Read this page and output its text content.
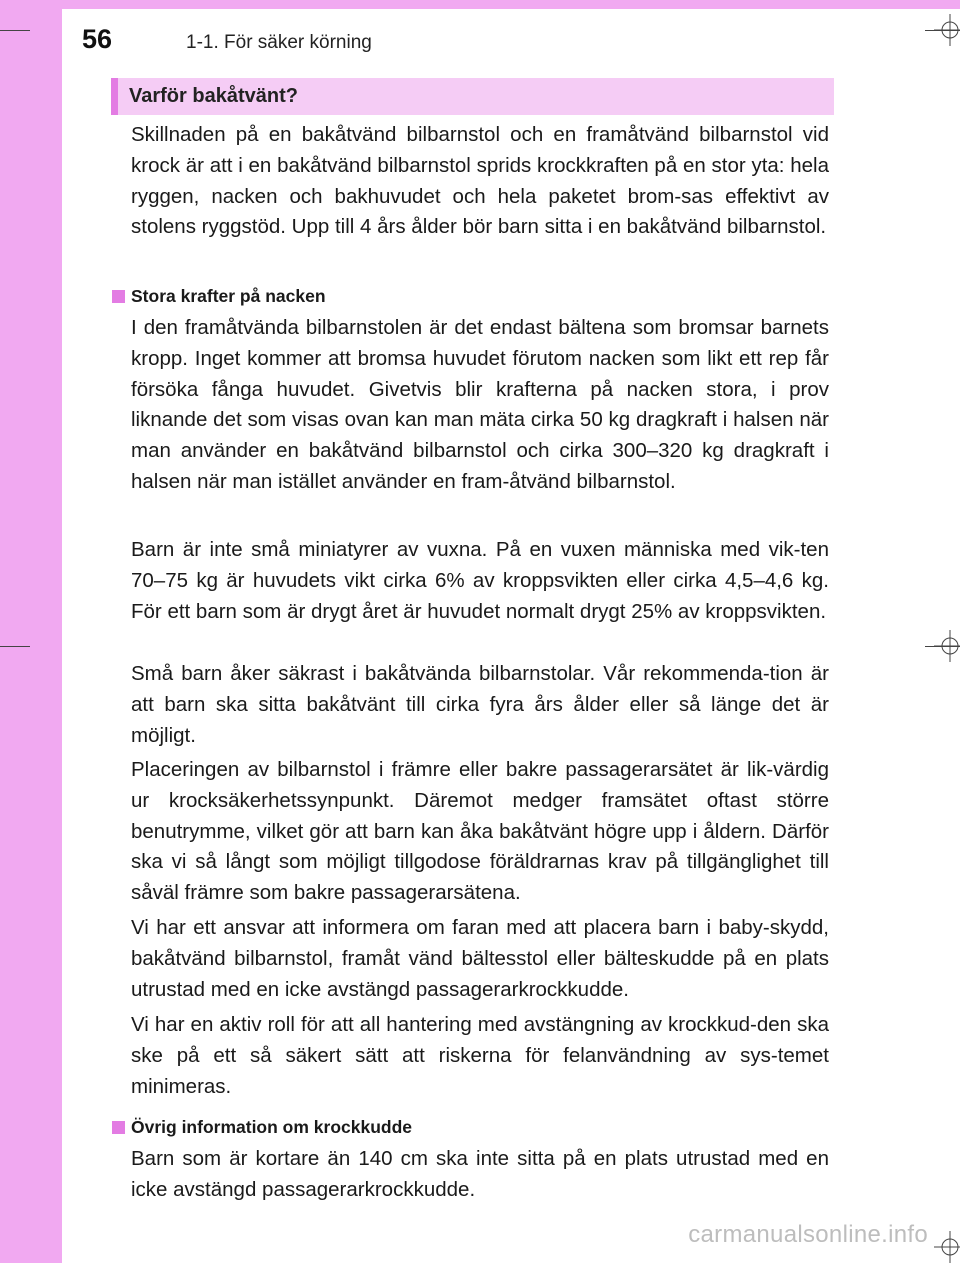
56	1-1. För säker körning
Varför bakåtvänt?

Skillnaden på en bakåtvänd bilbarnstol och en framåtvänd bilbarnstol vid krock är att i en bakåtvänd bilbarnstol sprids krockkraften på en stor yta: hela ryggen, nacken och bakhuvudet och hela paketet brom-sas effektivt av stolens ryggstöd. Upp till 4 års ålder bör barn sitta i en bakåtvänd bilbarnstol.

Stora krafter på nacken

I den framåtvända bilbarnstolen är det endast bältena som bromsar barnets kropp. Inget kommer att bromsa huvudet förutom nacken som likt ett rep får försöka fånga huvudet. Givetvis blir krafterna på nacken stora, i prov liknande det som visas ovan kan man mäta cirka 50 kg dragkraft i halsen när man använder en bakåtvänd bilbarnstol och cirka 300–320 kg dragkraft i halsen när man istället använder en fram-åtvänd bilbarnstol.

Barn är inte små miniatyrer av vuxna. På en vuxen människa med vik-ten 70–75 kg är huvudets vikt cirka 6% av kroppsvikten eller cirka 4,5–4,6 kg. För ett barn som är drygt året är huvudet normalt drygt 25% av kroppsvikten.

Små barn åker säkrast i bakåtvända bilbarnstolar. Vår rekommenda-tion är att barn ska sitta bakåtvänt till cirka fyra års ålder eller så länge det är möjligt.

Placeringen av bilbarnstol i främre eller bakre passagerarsätet är lik-värdig ur krocksäkerhetssynpunkt. Däremot medger framsätet oftast större benutrymme, vilket gör att barn kan åka bakåtvänt högre upp i åldern. Därför ska vi så långt som möjligt tillgodose föräldrarnas krav på tillgänglighet till såväl främre som bakre passagerarsätena.

Vi har ett ansvar att informera om faran med att placera barn i baby-skydd, bakåtvänd bilbarnstol, framåt vänd bältesstol eller bälteskudde på en plats utrustad med en icke avstängd passagerarkrockkudde.

Vi har en aktiv roll för att all hantering med avstängning av krockkud-den ska ske på ett så säkert sätt att riskerna för felanvändning av sys-temet minimeras.

Övrig information om krockkudde

Barn som är kortare än 140 cm ska inte sitta på en plats utrustad med en icke avstängd passagerarkrockkudde.

carmanualsonline.info
